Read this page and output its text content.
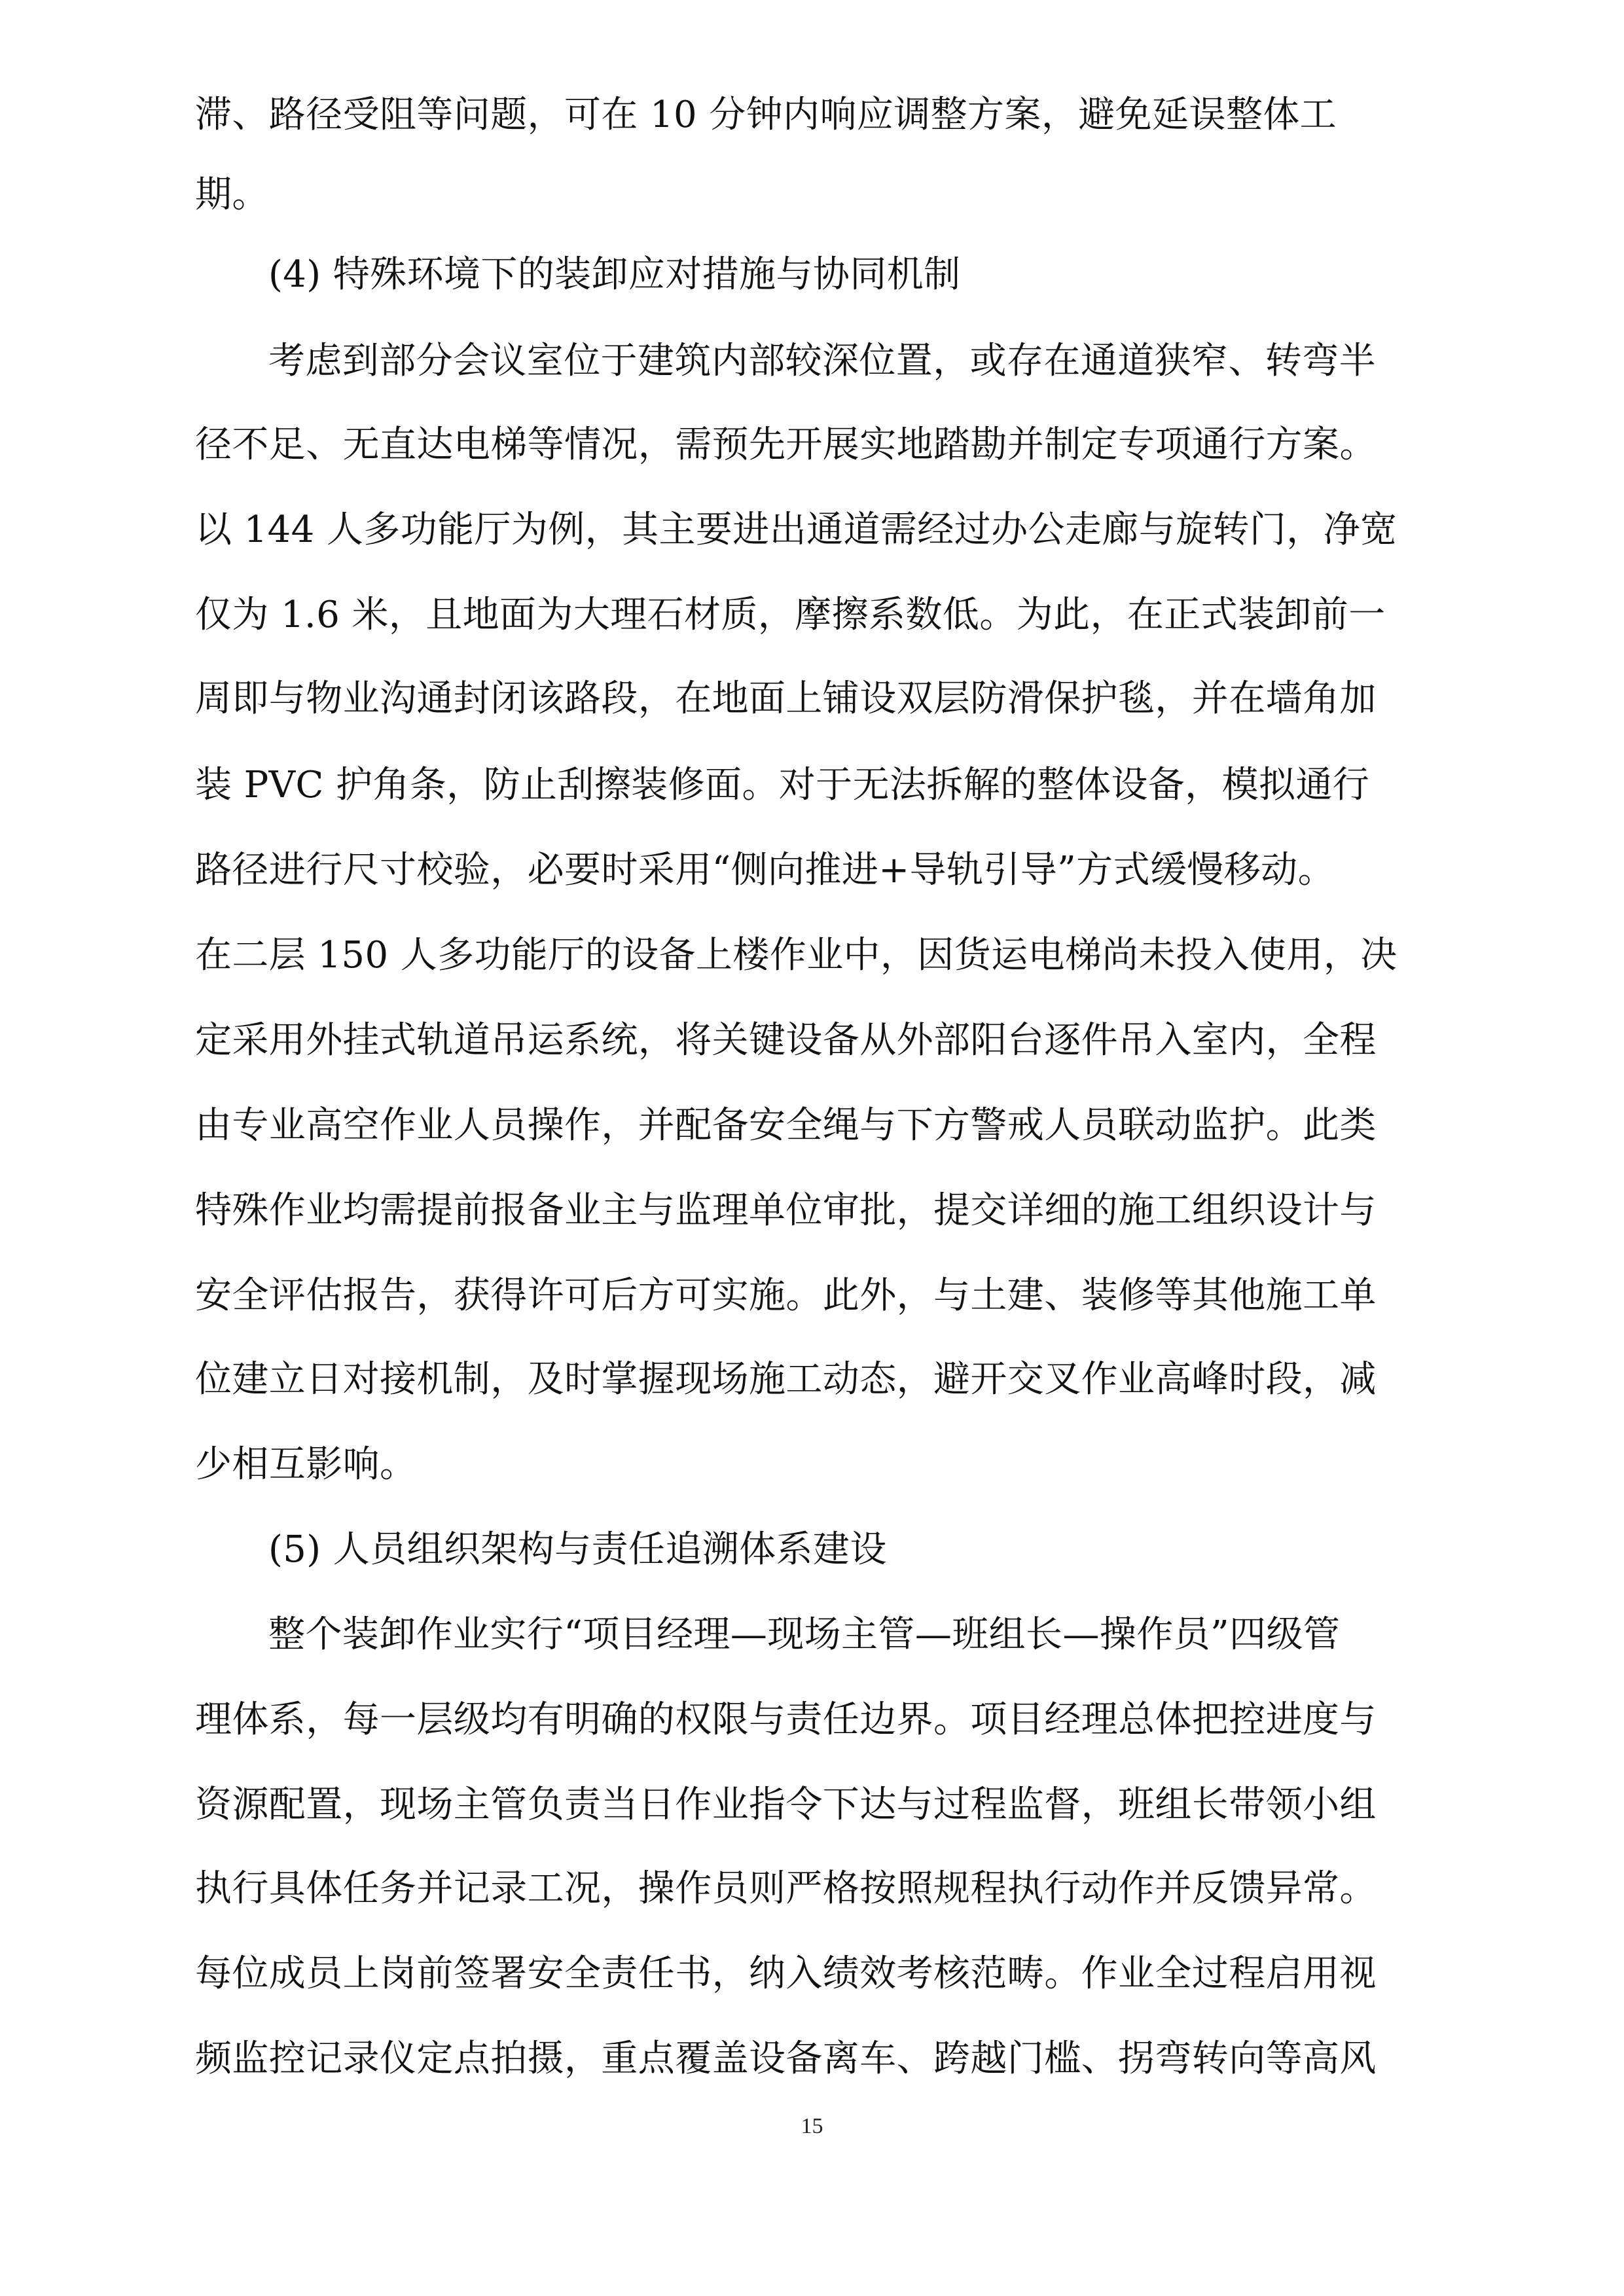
滞、路径受阻等问题，可在 10 分钟内响应调整方案，避免延误整体工
期。
(4) 特殊环境下的装卸应对措施与协同机制
考虑到部分会议室位于建筑内部较深位置，或存在通道狭窄、转弯半
径不足、无直达电梯等情况，需预先开展实地踏勘并制定专项通行方案。
以 144 人多功能厅为例，其主要进出通道需经过办公走廊与旋转门，净宽
仅为 1.6 米，且地面为大理石材质，摩擦系数低。为此，在正式装卸前一
周即与物业沟通封闭该路段，在地面上铺设双层防滑保护毯，并在墙角加
装 PVC 护角条，防止刮擦装修面。对于无法拆解的整体设备，模拟通行
路径进行尺寸校验，必要时采用“侧向推进+导轨引导”方式缓慢移动。
在二层 150 人多功能厅的设备上楼作业中，因货运电梯尚未投入使用，决
定采用外挂式轨道吊运系统，将关键设备从外部阳台逐件吊入室内，全程
由专业高空作业人员操作，并配备安全绳与下方警戒人员联动监护。此类
特殊作业均需提前报备业主与监理单位审批，提交详细的施工组织设计与
安全评估报告，获得许可后方可实施。此外，与土建、装修等其他施工单
位建立日对接机制，及时掌握现场施工动态，避开交叉作业高峰时段，减
少相互影响。
(5) 人员组织架构与责任追溯体系建设
整个装卸作业实行“项目经理—现场主管—班组长—操作员”四级管
理体系，每一层级均有明确的权限与责任边界。项目经理总体把控进度与
资源配置，现场主管负责当日作业指令下达与过程监督，班组长带领小组
执行具体任务并记录工况，操作员则严格按照规程执行动作并反馈异常。
每位成员上岗前签署安全责任书，纳入绩效考核范畴。作业全过程启用视
频监控记录仪定点拍摄，重点覆盖设备离车、跨越门槛、拐弯转向等高风
15
